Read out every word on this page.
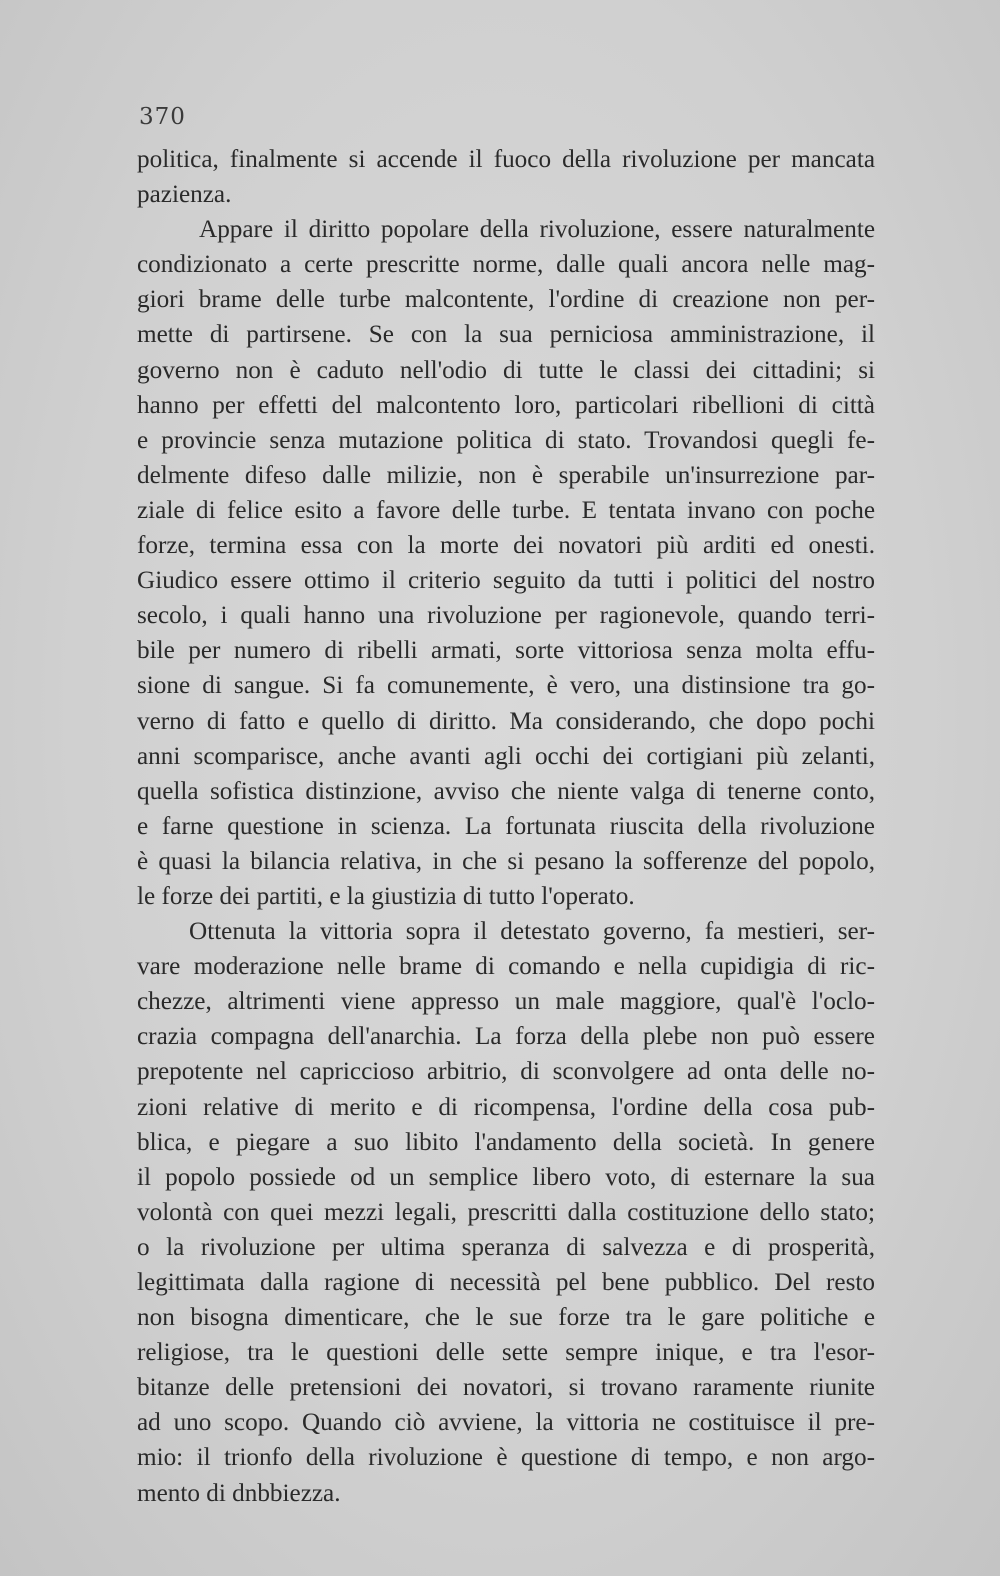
370
politica, finalmente si accende il fuoco della rivoluzione per mancata
pazienza.
Appare il diritto popolare della rivoluzione, essere naturalmente
condizionato a certe prescritte norme, dalle quali ancora nelle mag-
giori brame delle turbe malcontente, l'ordine di creazione non per-
mette di partirsene. Se con la sua perniciosa amministrazione, il
governo non è caduto nell'odio di tutte le classi dei cittadini; si
hanno per effetti del malcontento loro, particolari ribellioni di città
e provincie senza mutazione politica di stato. Trovandosi quegli fe-
delmente difeso dalle milizie, non è sperabile un'insurrezione par-
ziale di felice esito a favore delle turbe. E tentata invano con poche
forze, termina essa con la morte dei novatori più arditi ed onesti.
Giudico essere ottimo il criterio seguito da tutti i politici del nostro
secolo, i quali hanno una rivoluzione per ragionevole, quando terri-
bile per numero di ribelli armati, sorte vittoriosa senza molta effu-
sione di sangue. Si fa comunemente, è vero, una distinsione tra go-
verno di fatto e quello di diritto. Ma considerando, che dopo pochi
anni scomparisce, anche avanti agli occhi dei cortigiani più zelanti,
quella sofistica distinzione, avviso che niente valga di tenerne conto,
e farne questione in scienza. La fortunata riuscita della rivoluzione
è quasi la bilancia relativa, in che si pesano la sofferenze del popolo,
le forze dei partiti, e la giustizia di tutto l'operato.
Ottenuta la vittoria sopra il detestato governo, fa mestieri, ser-
vare moderazione nelle brame di comando e nella cupidigia di ric-
chezze, altrimenti viene appresso un male maggiore, qual'è l'oclo-
crazia compagna dell'anarchia. La forza della plebe non può essere
prepotente nel capriccioso arbitrio, di sconvolgere ad onta delle no-
zioni relative di merito e di ricompensa, l'ordine della cosa pub-
blica, e piegare a suo libito l'andamento della società. In genere
il popolo possiede od un semplice libero voto, di esternare la sua
volontà con quei mezzi legali, prescritti dalla costituzione dello stato;
o la rivoluzione per ultima speranza di salvezza e di prosperità,
legittimata dalla ragione di necessità pel bene pubblico. Del resto
non bisogna dimenticare, che le sue forze tra le gare politiche e
religiose, tra le questioni delle sette sempre inique, e tra l'esor-
bitanze delle pretensioni dei novatori, si trovano raramente riunite
ad uno scopo. Quando ciò avviene, la vittoria ne costituisce il pre-
mio: il trionfo della rivoluzione è questione di tempo, e non argo-
mento di dnbbiezza.
